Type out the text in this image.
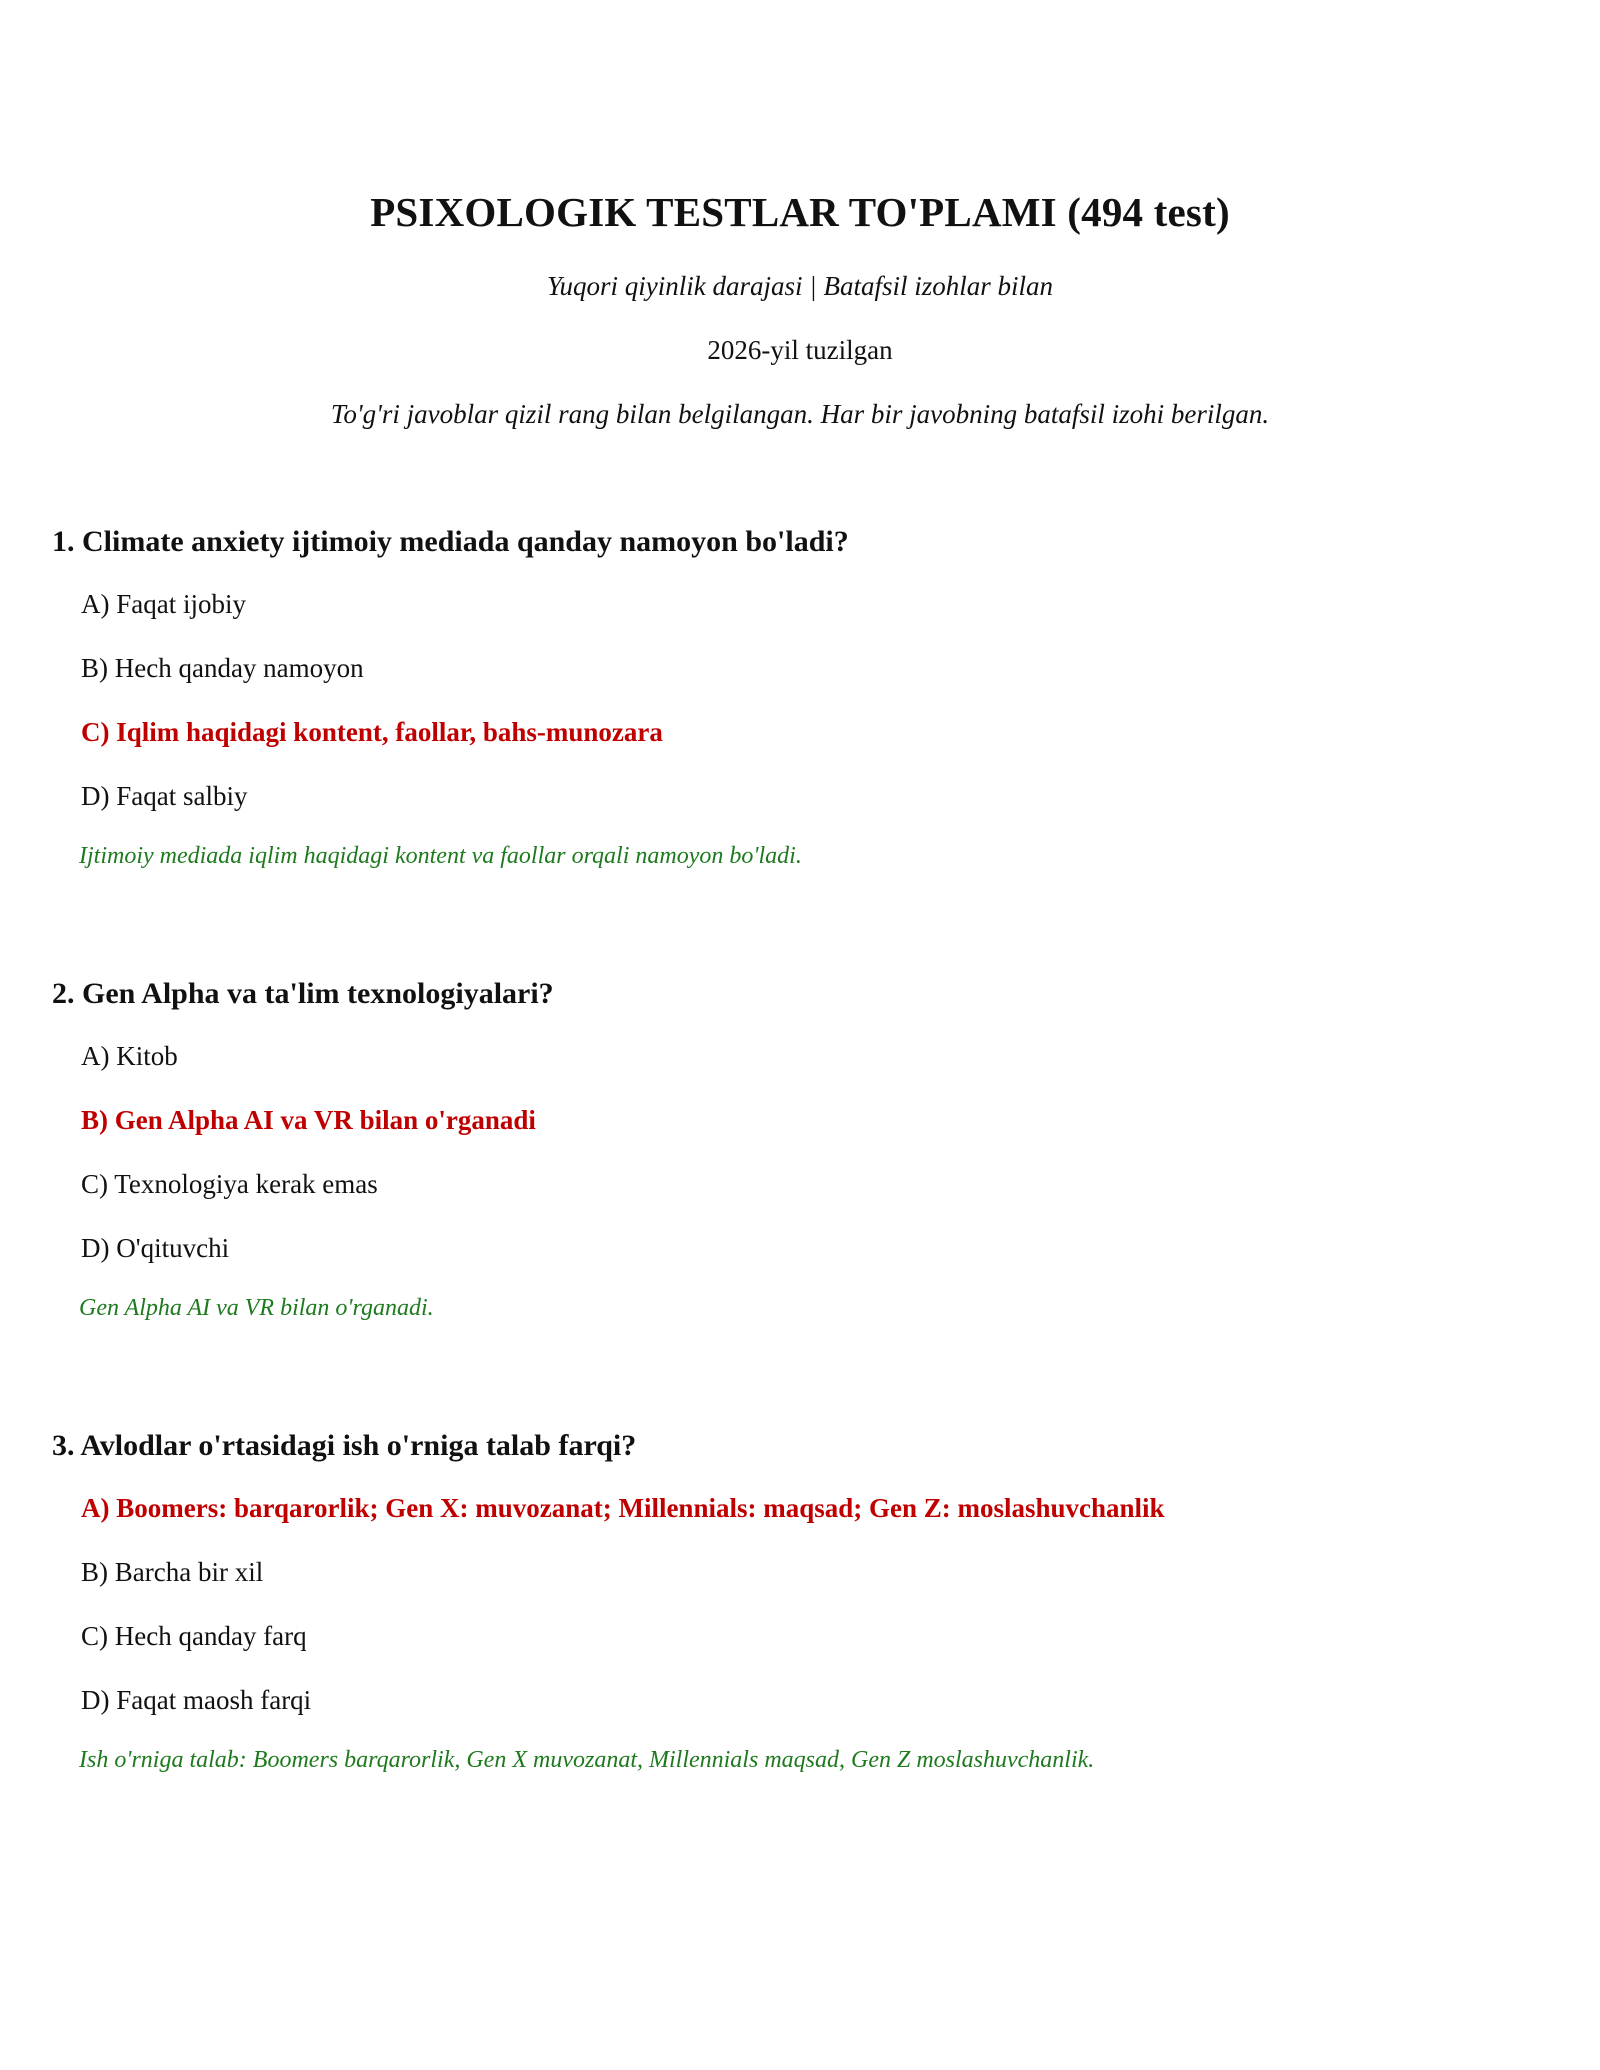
PSIXOLOGIK TESTLAR TO'PLAMI (494 test)
Yuqori qiyinlik darajasi | Batafsil izohlar bilan
2026-yil tuzilgan
To'g'ri javoblar qizil rang bilan belgilangan. Har bir javobning batafsil izohi berilgan.
1. Climate anxiety ijtimoiy mediada qanday namoyon bo'ladi?
A) Faqat ijobiy
B) Hech qanday namoyon
C) Iqlim haqidagi kontent, faollar, bahs-munozara
D) Faqat salbiy
Ijtimoiy mediada iqlim haqidagi kontent va faollar orqali namoyon bo'ladi.
2. Gen Alpha va ta'lim texnologiyalari?
A) Kitob
B) Gen Alpha AI va VR bilan o'rganadi
C) Texnologiya kerak emas
D) O'qituvchi
Gen Alpha AI va VR bilan o'rganadi.
3. Avlodlar o'rtasidagi ish o'rniga talab farqi?
A) Boomers: barqarorlik; Gen X: muvozanat; Millennials: maqsad; Gen Z: moslashuvchanlik
B) Barcha bir xil
C) Hech qanday farq
D) Faqat maosh farqi
Ish o'rniga talab: Boomers barqarorlik, Gen X muvozanat, Millennials maqsad, Gen Z moslashuvchanlik.
